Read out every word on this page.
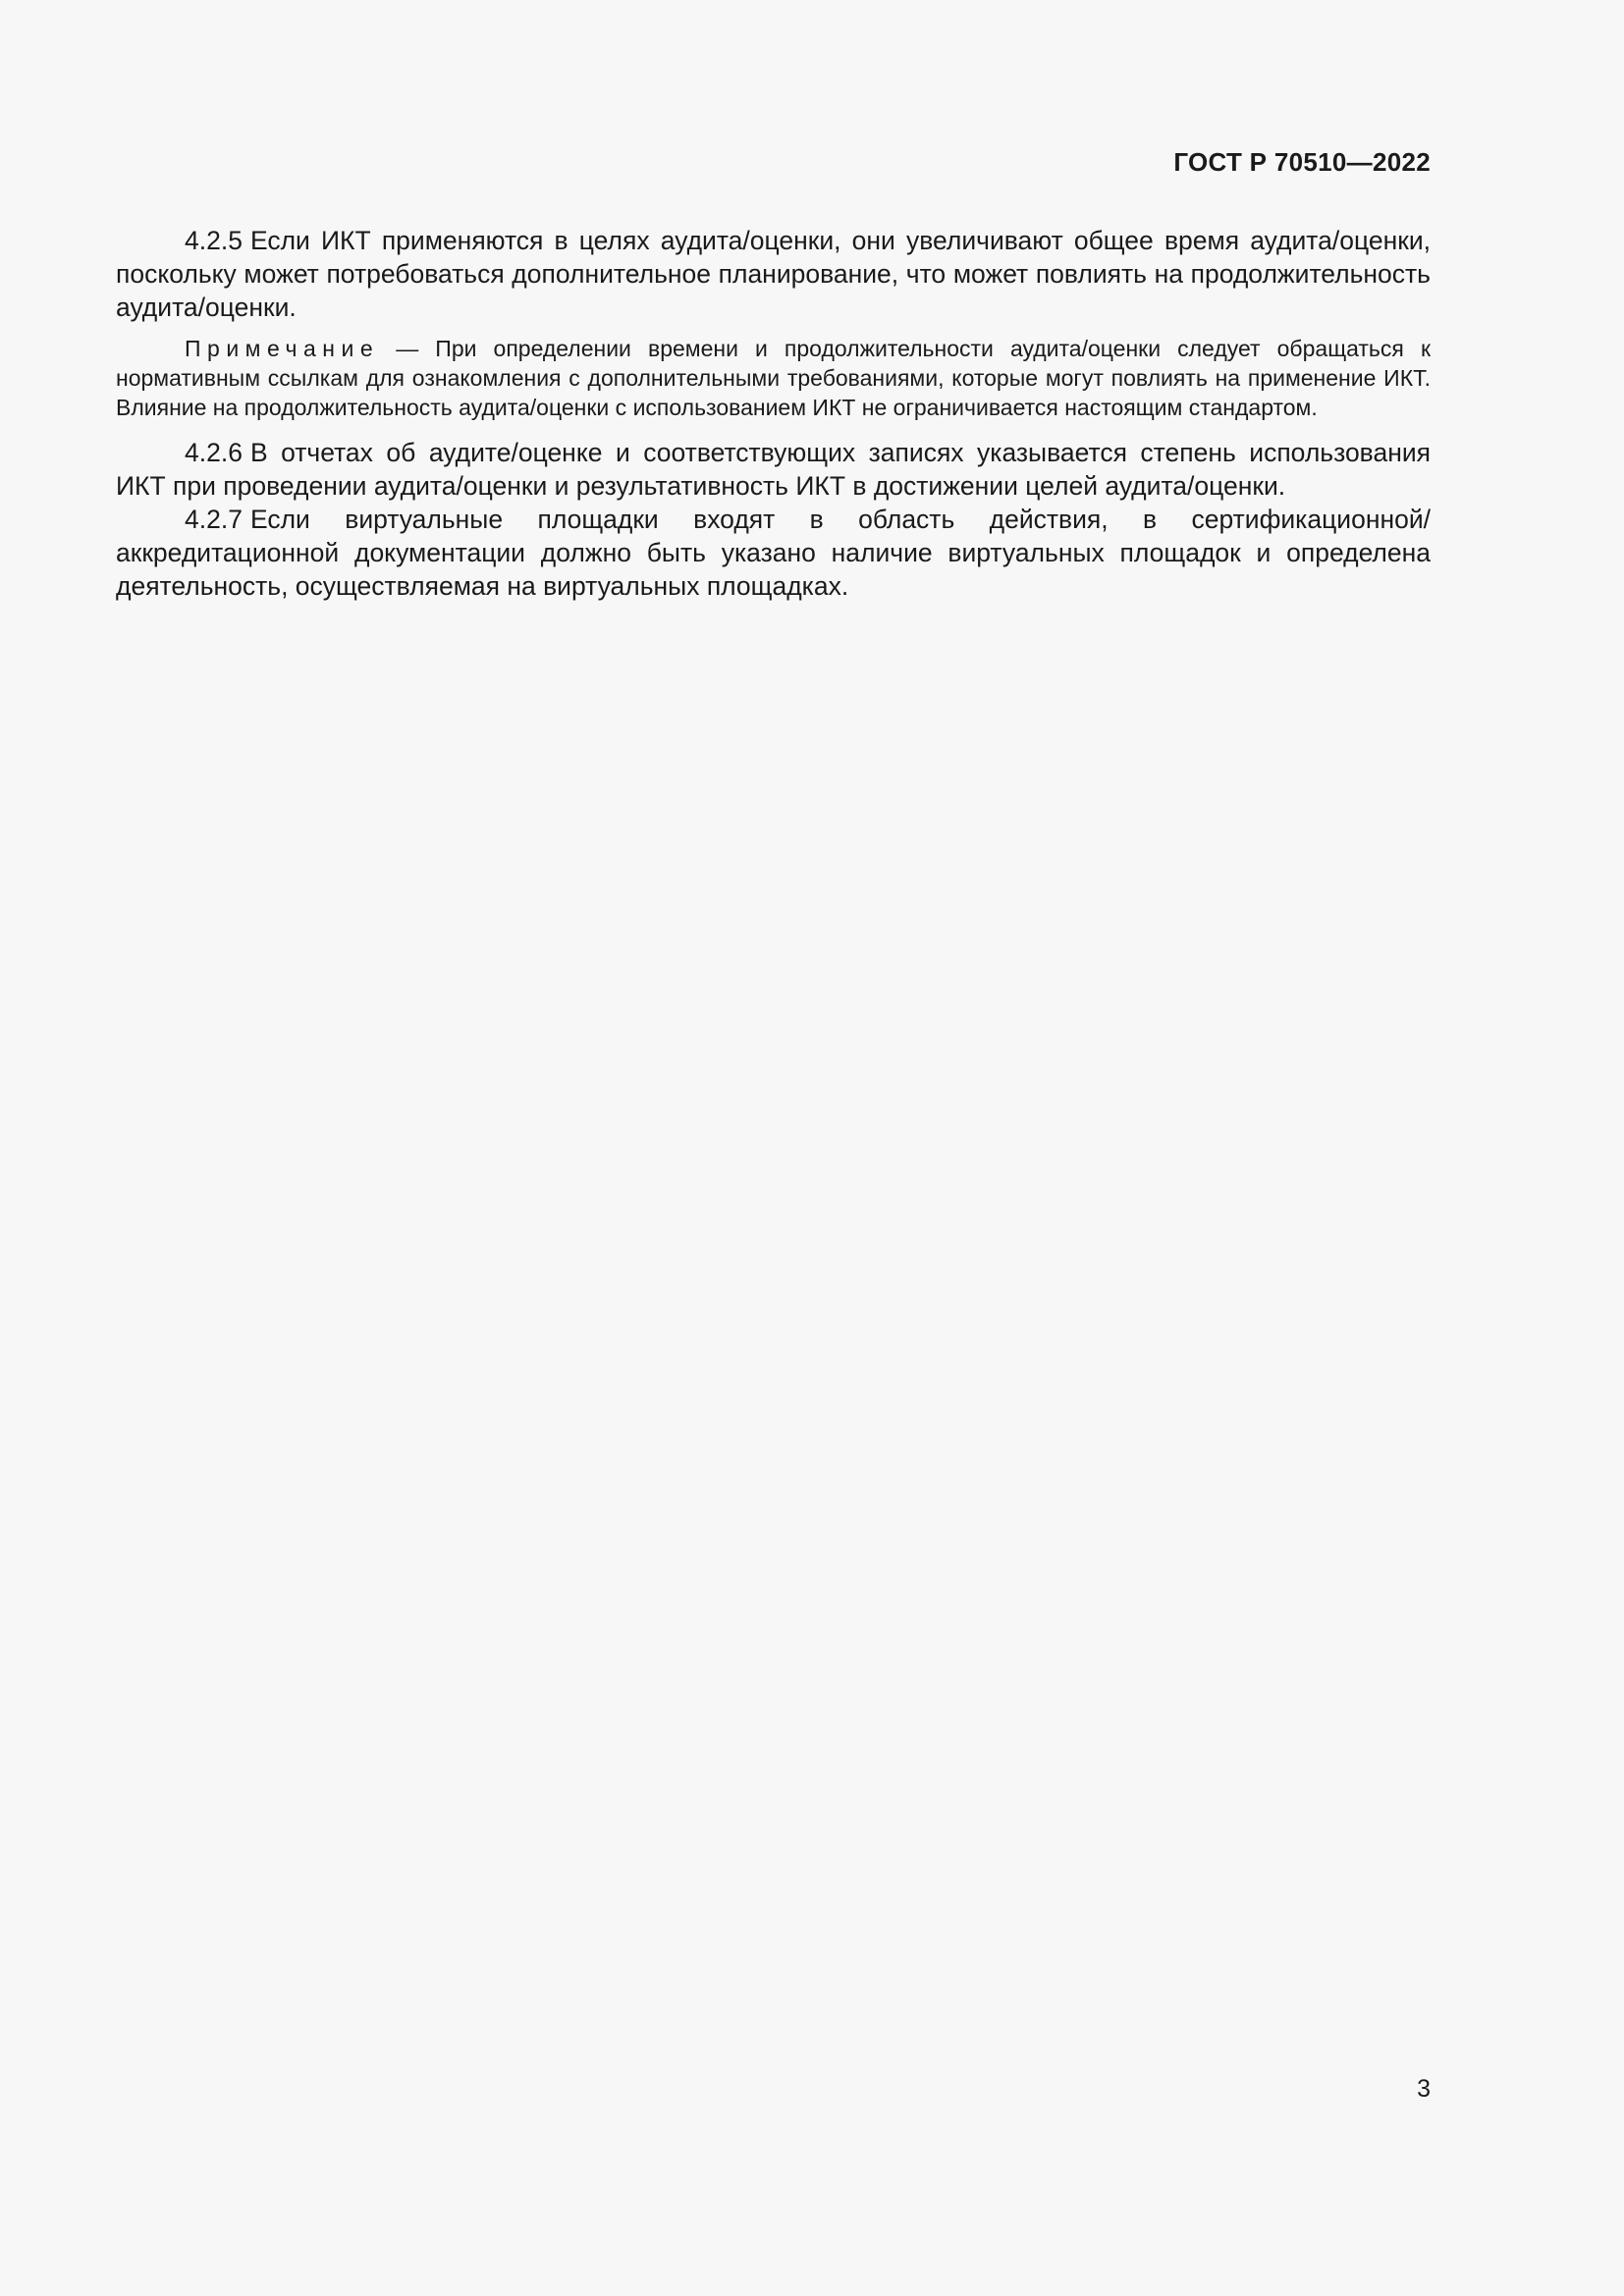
ГОСТ Р 70510—2022

4.2.5 Если ИКТ применяются в целях аудита/оценки, они увеличивают общее время аудита/оценки, поскольку может потребоваться дополнительное планирование, что может повлиять на продолжительность аудита/оценки.

Примечание — При определении времени и продолжительности аудита/оценки следует обращаться к нормативным ссылкам для ознакомления с дополнительными требованиями, которые могут повлиять на применение ИКТ. Влияние на продолжительность аудита/оценки с использованием ИКТ не ограничивается настоящим стандартом.

4.2.6 В отчетах об аудите/оценке и соответствующих записях указывается степень использования ИКТ при проведении аудита/оценки и результативность ИКТ в достижении целей аудита/оценки.

4.2.7 Если виртуальные площадки входят в область действия, в сертификационной/аккредитационной документации должно быть указано наличие виртуальных площадок и определена деятельность, осуществляемая на виртуальных площадках.

3
